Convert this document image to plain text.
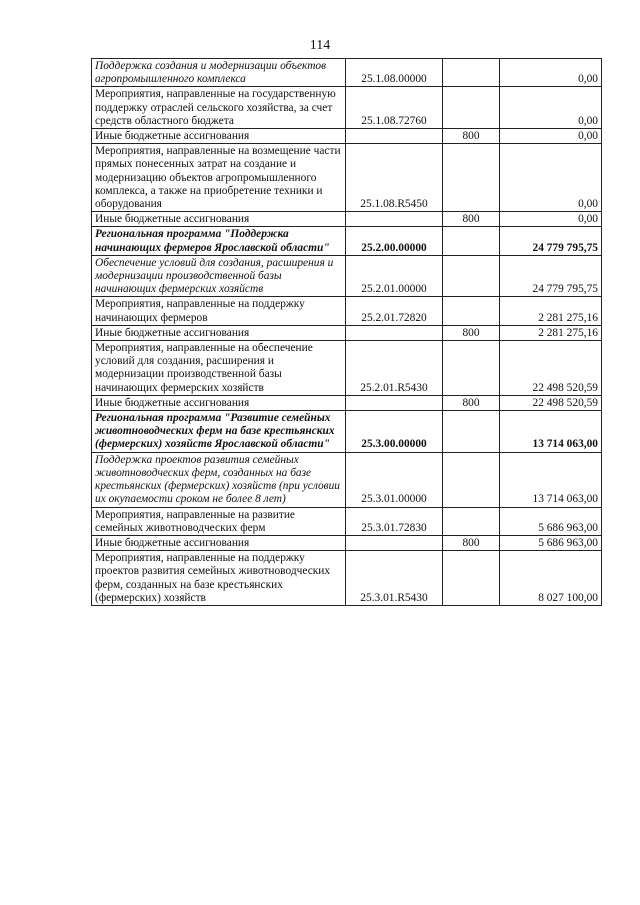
114
Поддержка создания и модернизации объектов агропромышленного комплекса	25.1.08.00000		0,00
Мероприятия, направленные на государственную поддержку отраслей сельского хозяйства, за счет средств областного бюджета	25.1.08.72760		0,00
Иные бюджетные ассигнования		800	0,00
Мероприятия, направленные на возмещение части прямых понесенных затрат на создание и модернизацию объектов агропромышленного комплекса, а также на приобретение техники и оборудования	25.1.08.R5450		0,00
Иные бюджетные ассигнования		800	0,00
Региональная программа "Поддержка начинающих фермеров Ярославской области"	25.2.00.00000		24 779 795,75
Обеспечение условий для создания, расширения и модернизации производственной базы начинающих фермерских хозяйств	25.2.01.00000		24 779 795,75
Мероприятия, направленные на поддержку начинающих фермеров	25.2.01.72820		2 281 275,16
Иные бюджетные ассигнования		800	2 281 275,16
Мероприятия, направленные на обеспечение условий для создания, расширения и модернизации производственной базы начинающих фермерских хозяйств	25.2.01.R5430		22 498 520,59
Иные бюджетные ассигнования		800	22 498 520,59
Региональная программа "Развитие семейных животноводческих ферм на базе крестьянских (фермерских) хозяйств Ярославской области"	25.3.00.00000		13 714 063,00
Поддержка проектов развития семейных животноводческих ферм, созданных на базе крестьянских (фермерских) хозяйств (при условии их окупаемости сроком не более 8 лет)	25.3.01.00000		13 714 063,00
Мероприятия, направленные на развитие семейных животноводческих ферм	25.3.01.72830		5 686 963,00
Иные бюджетные ассигнования		800	5 686 963,00
Мероприятия, направленные на поддержку проектов развития семейных животноводческих ферм, созданных на базе крестьянских (фермерских) хозяйств	25.3.01.R5430		8 027 100,00
